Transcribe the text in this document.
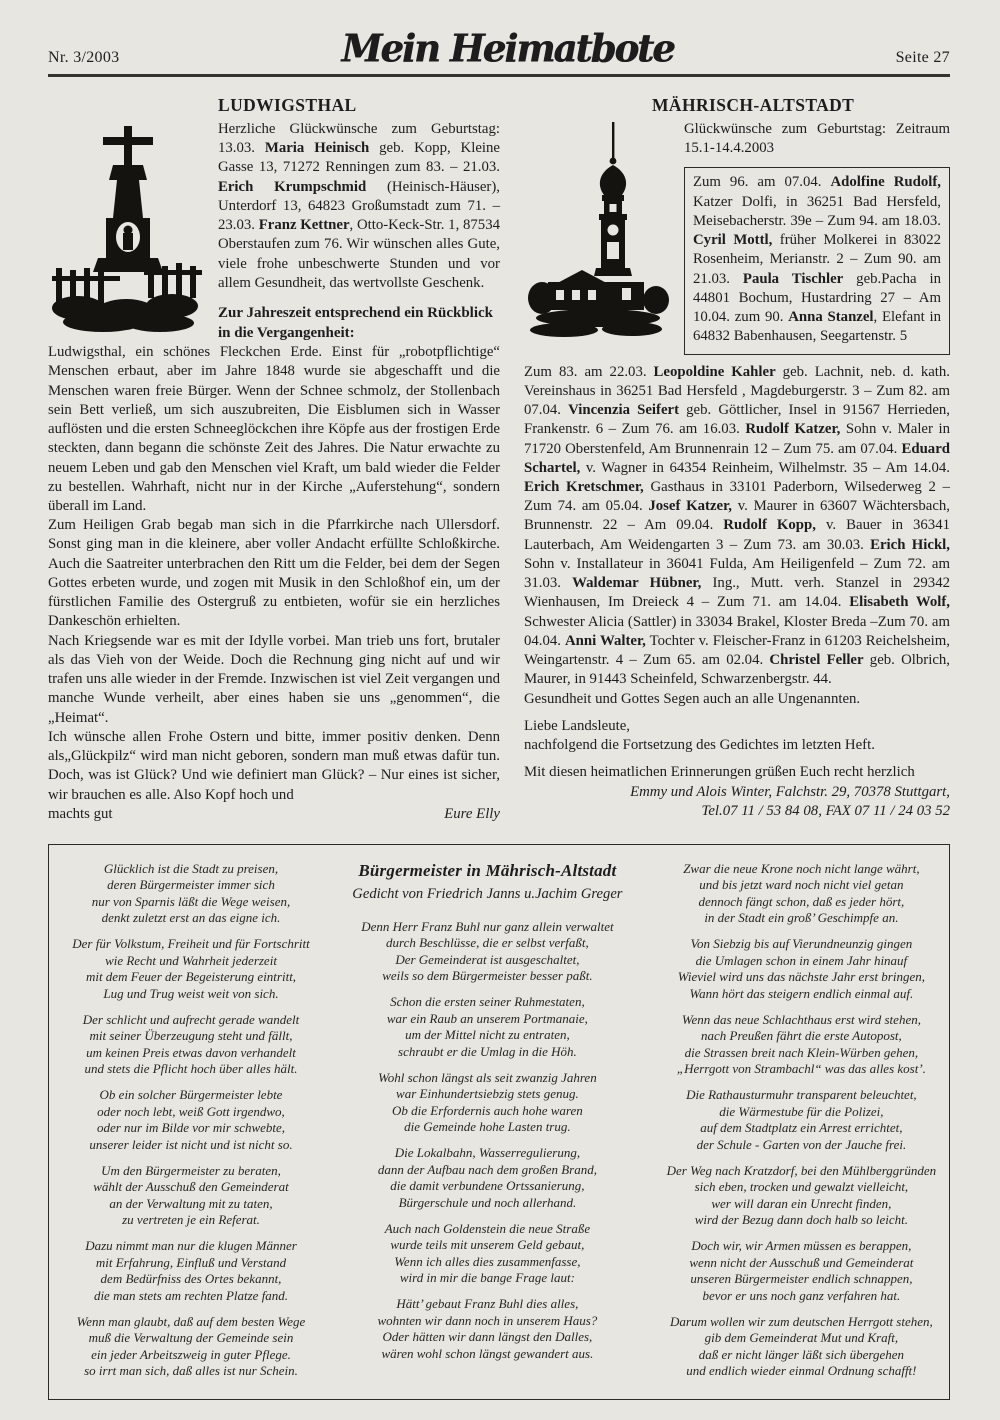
Nr. 3/2003	Mein Heimatbote	Seite 27
LUDWIGSTHAL

Herzliche Glückwünsche zum Geburtstag: 13.03. Maria Heinisch geb. Kopp, Kleine Gasse 13, 71272 Renningen zum 83. – 21.03. Erich Krumpschmid (Heinisch-Häuser), Unterdorf 13, 64823 Großumstadt zum 71. – 23.03. Franz Kettner, Otto-Keck-Str. 1, 87534 Oberstaufen zum 76. Wir wünschen alles Gute, viele frohe unbeschwerte Stunden und vor allem Gesundheit, das wertvollste Geschenk.

Zur Jahreszeit entsprechend ein Rückblick in die Vergangenheit:

Ludwigsthal, ein schönes Fleckchen Erde. Einst für „robotpflichtige“ Menschen erbaut, aber im Jahre 1848 wurde sie abgeschafft und die Menschen waren freie Bürger. Wenn der Schnee schmolz, der Stollenbach sein Bett verließ, um sich auszubreiten, Die Eisblumen sich in Wasser auflösten und die ersten Schneeglöckchen ihre Köpfe aus der frostigen Erde steckten, dann begann die schönste Zeit des Jahres. Die Natur erwachte zu neuem Leben und gab den Menschen viel Kraft, um bald wieder die Felder zu bestellen. Wahrhaft, nicht nur in der Kirche „Auferstehung“, sondern überall im Land.

Zum Heiligen Grab begab man sich in die Pfarrkirche nach Ullersdorf. Sonst ging man in die kleinere, aber voller Andacht erfüllte Schloßkirche. Auch die Saatreiter unterbrachen den Ritt um die Felder, bei dem der Segen Gottes erbeten wurde, und zogen mit Musik in den Schloßhof ein, um der fürstlichen Familie des Ostergruß zu entbieten, wofür sie ein herzliches Dankeschön erhielten.

Nach Kriegsende war es mit der Idylle vorbei. Man trieb uns fort, brutaler als das Vieh von der Weide. Doch die Rechnung ging nicht auf und wir trafen uns alle wieder in der Fremde. Inzwischen ist viel Zeit vergangen und manche Wunde verheilt, aber eines haben sie uns „genommen“, die „Heimat“.

Ich wünsche allen Frohe Ostern und bitte, immer positiv denken. Denn als„Glückpilz“ wird man nicht geboren, sondern man muß etwas dafür tun. Doch, was ist Glück? Und wie definiert man Glück? – Nur eines ist sicher, wir brauchen es alle. Also Kopf hoch und

machts gut	Eure Elly
MÄHRISCH-ALTSTADT

Glückwünsche zum Geburtstag: Zeitraum 15.1-14.4.2003

Zum 96. am 07.04. Adolfine Rudolf, Katzer Dolfi, in 36251 Bad Hersfeld, Meisebacherstr. 39e – Zum 94. am 18.03. Cyril Mottl, früher Molkerei in 83022 Rosenheim, Merianstr. 2 – Zum 90. am 21.03. Paula Tischler geb.Pacha in 44801 Bochum, Hustardring 27 – Am 10.04. zum 90. Anna Stanzel, Elefant in 64832 Babenhausen, Seegartenstr. 5

Zum 83. am 22.03. Leopoldine Kahler geb. Lachnit, neb. d. kath. Vereinshaus in 36251 Bad Hersfeld , Magdeburgerstr. 3 – Zum 82. am 07.04. Vincenzia Seifert geb. Göttlicher, Insel in 91567 Herrieden, Frankenstr. 6 – Zum 76. am 16.03. Rudolf Katzer, Sohn v. Maler in 71720 Oberstenfeld, Am Brunnenrain 12 – Zum 75. am 07.04. Eduard Schartel, v. Wagner in 64354 Reinheim, Wilhelmstr. 35 – Am 14.04. Erich Kretschmer, Gasthaus in 33101 Paderborn, Wilsederweg 2 – Zum 74. am 05.04. Josef Katzer, v. Maurer in 63607 Wächtersbach, Brunnenstr. 22 – Am 09.04. Rudolf Kopp, v. Bauer in 36341 Lauterbach, Am Weidengarten 3 – Zum 73. am 30.03. Erich Hickl, Sohn v. Installateur in 36041 Fulda, Am Heiligenfeld – Zum 72. am 31.03. Waldemar Hübner, Ing., Mutt. verh. Stanzel in 29342 Wienhausen, Im Dreieck 4 – Zum 71. am 14.04. Elisabeth Wolf, Schwester Alicia (Sattler) in 33034 Brakel, Kloster Breda –Zum 70. am 04.04. Anni Walter, Tochter v. Fleischer-Franz in 61203 Reichelsheim, Weingartenstr. 4 – Zum 65. am 02.04. Christel Feller geb. Olbrich, Maurer, in 91443 Scheinfeld, Schwarzenbergstr. 44.

Gesundheit und Gottes Segen auch an alle Ungenannten.

Liebe Landsleute,

nachfolgend die Fortsetzung des Gedichtes im letzten Heft.

Mit diesen heimatlichen Erinnerungen grüßen Euch recht herzlich

Emmy und Alois Winter, Falchstr. 29, 70378 Stuttgart,
Tel.07 11 / 53 84 08, FAX 07 11 / 24 03 52
Glücklich ist die Stadt zu preisen,
deren Bürgermeister immer sich
nur von Sparnis läßt die Wege weisen,
denkt zuletzt erst an das eigne ich.
Der für Volkstum, Freiheit und für Fortschritt
wie Recht und Wahrheit jederzeit
mit dem Feuer der Begeisterung eintritt,
Lug und Trug weist weit von sich.
Der schlicht und aufrecht gerade wandelt
mit seiner Überzeugung steht und fällt,
um keinen Preis etwas davon verhandelt
und stets die Pflicht hoch über alles hält.
Ob ein solcher Bürgermeister lebte
oder noch lebt, weiß Gott irgendwo,
oder nur im Bilde vor mir schwebte,
unserer leider ist nicht und ist nicht so.
Um den Bürgermeister zu beraten,
wählt der Ausschuß den Gemeinderat
an der Verwaltung mit zu taten,
zu vertreten je ein Referat.
Dazu nimmt man nur die klugen Männer
mit Erfahrung, Einfluß und Verstand
dem Bedürfniss des Ortes bekannt,
die man stets am rechten Platze fand.
Wenn man glaubt, daß auf dem besten Wege
muß die Verwaltung der Gemeinde sein
ein jeder Arbeitszweig in guter Pflege.
so irrt man sich, daß alles ist nur Schein.
Bürgermeister in Mährisch-Altstadt
Gedicht von Friedrich Janns u.Jachim Greger
Denn Herr Franz Buhl nur ganz allein verwaltet
durch Beschlüsse, die er selbst verfaßt,
Der Gemeinderat ist ausgeschaltet,
weils so dem Bürgermeister besser paßt.
Schon die ersten seiner Ruhmestaten,
war ein Raub an unserem Portmanaie,
um der Mittel nicht zu entraten,
schraubt er die Umlag in die Höh.
Wohl schon längst als seit zwanzig Jahren
war Einhundertsiebzig stets genug.
Ob die Erfordernis auch hohe waren
die Gemeinde hohe Lasten trug.
Die Lokalbahn, Wasserregulierung,
dann der Aufbau nach dem großen Brand,
die damit verbundene Ortssanierung,
Bürgerschule und noch allerhand.
Auch nach Goldenstein die neue Straße
wurde teils mit unserem Geld gebaut,
Wenn ich alles dies zusammenfasse,
wird in mir die bange Frage laut:
Hätt’ gebaut Franz Buhl dies alles,
wohnten wir dann noch in unserem Haus?
Oder hätten wir dann längst den Dalles,
wären wohl schon längst gewandert aus.
Zwar die neue Krone noch nicht lange währt,
und bis jetzt ward noch nicht viel getan
dennoch fängt schon, daß es jeder hört,
in der Stadt ein groß’ Geschimpfe an.
Von Siebzig bis auf Vierundneunzig gingen
die Umlagen schon in einem Jahr hinauf
Wieviel wird uns das nächste Jahr erst bringen,
Wann hört das steigern endlich einmal auf.
Wenn das neue Schlachthaus erst wird stehen,
nach Preußen fährt die erste Autopost,
die Strassen breit nach Klein-Würben gehen,
„Herrgott von Strambachl“ was das alles kost’.
Die Rathausturmuhr transparent beleuchtet,
die Wärmestube für die Polizei,
auf dem Stadtplatz ein Arrest errichtet,
der Schule - Garten von der Jauche frei.
Der Weg nach Kratzdorf, bei den Mühlberggründen
sich eben, trocken und gewalzt vielleicht,
wer will daran ein Unrecht finden,
wird der Bezug dann doch halb so leicht.
Doch wir, wir Armen müssen es berappen,
wenn nicht der Ausschuß und Gemeinderat
unseren Bürgermeister endlich schnappen,
bevor er uns noch ganz verfahren hat.
Darum wollen wir zum deutschen Herrgott stehen,
gib dem Gemeinderat Mut und Kraft,
daß er nicht länger läßt sich übergehen
und endlich wieder einmal Ordnung schafft!
